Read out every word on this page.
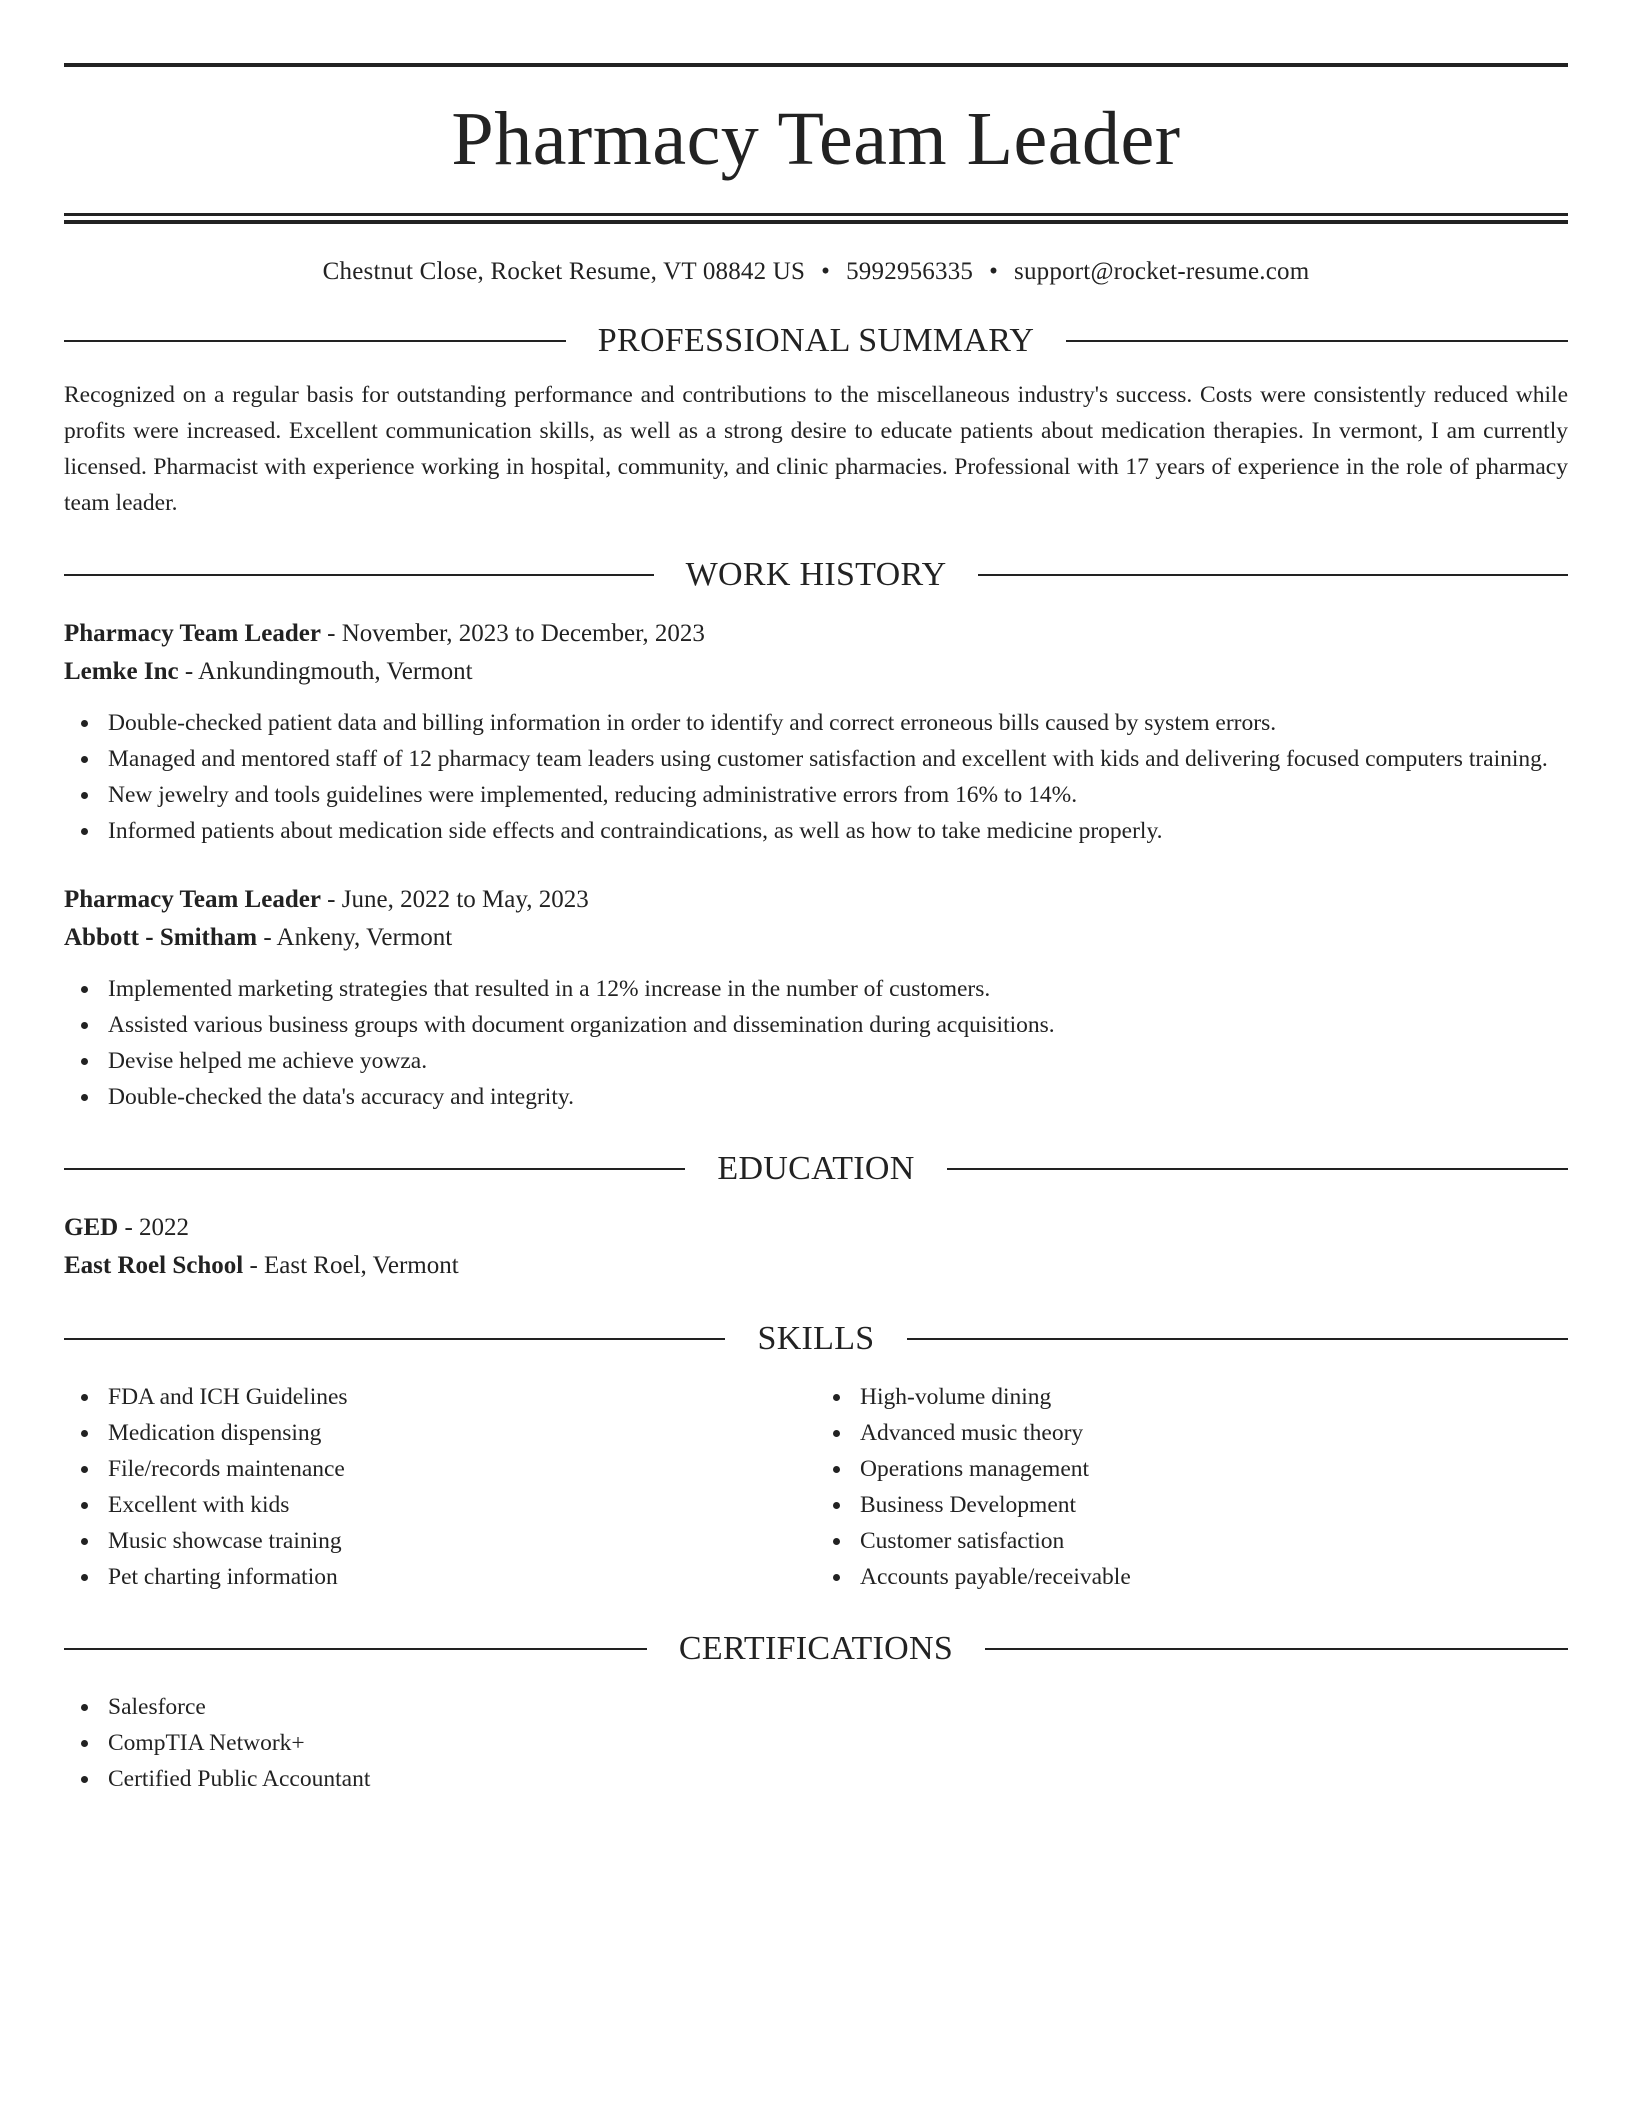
Pharmacy Team Leader
Chestnut Close, Rocket Resume, VT 08842 US • 5992956335 • support@rocket-resume.com
PROFESSIONAL SUMMARY
Recognized on a regular basis for outstanding performance and contributions to the miscellaneous industry's success. Costs were consistently reduced while profits were increased. Excellent communication skills, as well as a strong desire to educate patients about medication therapies. In vermont, I am currently licensed. Pharmacist with experience working in hospital, community, and clinic pharmacies. Professional with 17 years of experience in the role of pharmacy team leader.
WORK HISTORY
Pharmacy Team Leader - November, 2023 to December, 2023
Lemke Inc - Ankundingmouth, Vermont
Double-checked patient data and billing information in order to identify and correct erroneous bills caused by system errors.
Managed and mentored staff of 12 pharmacy team leaders using customer satisfaction and excellent with kids and delivering focused computers training.
New jewelry and tools guidelines were implemented, reducing administrative errors from 16% to 14%.
Informed patients about medication side effects and contraindications, as well as how to take medicine properly.
Pharmacy Team Leader - June, 2022 to May, 2023
Abbott - Smitham - Ankeny, Vermont
Implemented marketing strategies that resulted in a 12% increase in the number of customers.
Assisted various business groups with document organization and dissemination during acquisitions.
Devise helped me achieve yowza.
Double-checked the data's accuracy and integrity.
EDUCATION
GED - 2022
East Roel School - East Roel, Vermont
SKILLS
FDA and ICH Guidelines
Medication dispensing
File/records maintenance
Excellent with kids
Music showcase training
Pet charting information
High-volume dining
Advanced music theory
Operations management
Business Development
Customer satisfaction
Accounts payable/receivable
CERTIFICATIONS
Salesforce
CompTIA Network+
Certified Public Accountant
